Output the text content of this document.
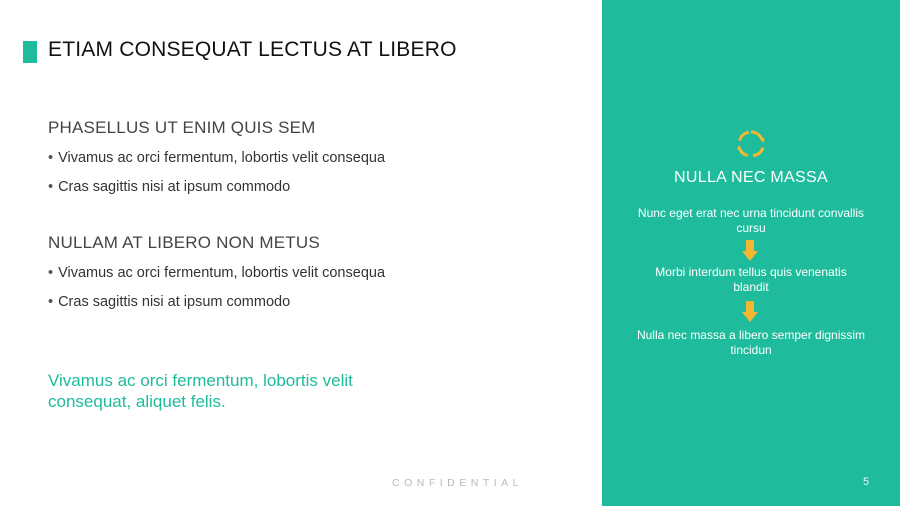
ETIAM CONSEQUAT LECTUS AT LIBERO
PHASELLUS UT ENIM QUIS SEM
• Vivamus ac orci fermentum, lobortis velit consequa
• Cras sagittis nisi at ipsum commodo
NULLAM AT LIBERO NON METUS
• Vivamus ac orci fermentum, lobortis velit consequa
• Cras sagittis nisi at ipsum commodo

Vivamus ac orci fermentum, lobortis velit consequat, aliquet felis.

CONFIDENTIAL
NULLA NEC MASSA
Nunc eget erat nec urna tincidunt convallis cursu
Morbi interdum tellus quis venenatis blandit
Nulla nec massa a libero semper dignissim tincidun
5
